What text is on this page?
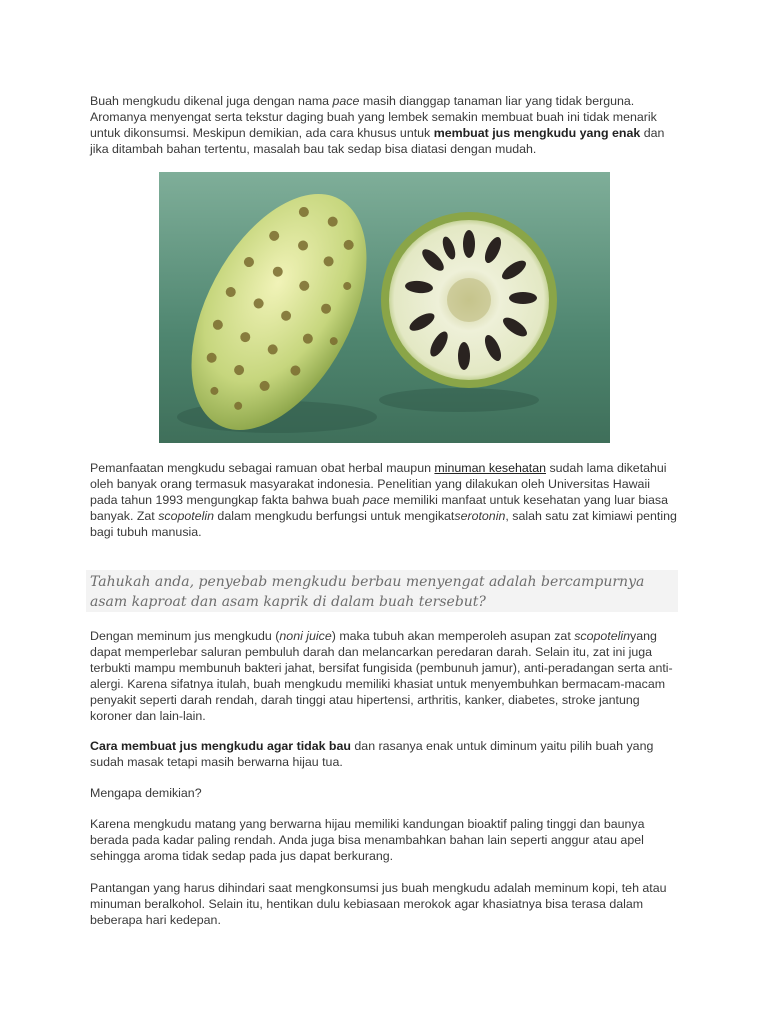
Buah mengkudu dikenal juga dengan nama pace masih dianggap tanaman liar yang tidak berguna. Aromanya menyengat serta tekstur daging buah yang lembek semakin membuat buah ini tidak menarik untuk dikonsumsi. Meskipun demikian, ada cara khusus untuk membuat jus mengkudu yang enak dan jika ditambah bahan tertentu, masalah bau tak sedap bisa diatasi dengan mudah.

Pemanfaatan mengkudu sebagai ramuan obat herbal maupun minuman kesehatan sudah lama diketahui oleh banyak orang termasuk masyarakat indonesia. Penelitian yang dilakukan oleh Universitas Hawaii pada tahun 1993 mengungkap fakta bahwa buah pace memiliki manfaat untuk kesehatan yang luar biasa banyak. Zat scopotelin dalam mengkudu berfungsi untuk mengikatserotonin, salah satu zat kimiawi penting bagi tubuh manusia.

Tahukah anda, penyebab mengkudu berbau menyengat adalah bercampurnya asam kaproat dan asam kaprik di dalam buah tersebut?

Dengan meminum jus mengkudu (noni juice) maka tubuh akan memperoleh asupan zat scopotelinyang dapat memperlebar saluran pembuluh darah dan melancarkan peredaran darah. Selain itu, zat ini juga terbukti mampu membunuh bakteri jahat, bersifat fungisida (pembunuh jamur), anti-peradangan serta anti-alergi. Karena sifatnya itulah, buah mengkudu memiliki khasiat untuk menyembuhkan bermacam-macam penyakit seperti darah rendah, darah tinggi atau hipertensi, arthritis, kanker, diabetes, stroke jantung koroner dan lain-lain.

Cara membuat jus mengkudu agar tidak bau dan rasanya enak untuk diminum yaitu pilih buah yang sudah masak tetapi masih berwarna hijau tua.

Mengapa demikian?

Karena mengkudu matang yang berwarna hijau memiliki kandungan bioaktif paling tinggi dan baunya berada pada kadar paling rendah. Anda juga bisa menambahkan bahan lain seperti anggur atau apel sehingga aroma tidak sedap pada jus dapat berkurang.

Pantangan yang harus dihindari saat mengkonsumsi jus buah mengkudu adalah meminum kopi, teh atau minuman beralkohol. Selain itu, hentikan dulu kebiasaan merokok agar khasiatnya bisa terasa dalam beberapa hari kedepan.
